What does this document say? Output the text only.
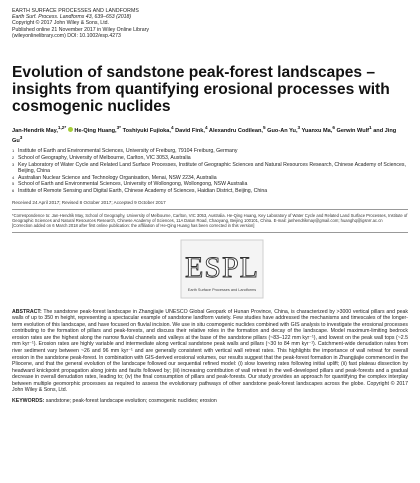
EARTH SURFACE PROCESSES AND LANDFORMS
Earth Surf. Process. Landforms 43, 639–653 (2018)
Copyright © 2017 John Wiley & Sons, Ltd.
Published online 21 November 2017 in Wiley Online Library
(wileyonlinelibrary.com) DOI: 10.1002/esp.4273
Evolution of sandstone peak-forest landscapes – insights from quantifying erosional processes with cosmogenic nuclides
Jan-Hendrik May,$^{1,2*}$  He-Qing Huang,$^{3*}$ Toshiyuki Fujioka,$^4$ David Fink,$^4$ Alexandru Codilean,$^5$ Guo-An Yu,$^3$ Yuanxu Ma,$^6$ Gerwin Wulf$^1$ and Jing Gu$^3$
1 Institute of Earth and Environmental Sciences, University of Freiburg, 79104 Freiburg, Germany
2 School of Geography, University of Melbourne, Carlton, VIC 3053, Australia
3 Key Laboratory of Water Cycle and Related Land Surface Processes, Institute of Geographic Sciences and Natural Resources Research, Chinese Academy of Sciences, Beijing, China
4 Australian Nuclear Science and Technology Organisation, Menai, NSW 2234, Australia
5 School of Earth and Environmental Sciences, University of Wollongong, Wollongong, NSW Australia
6 Institute of Remote Sensing and Digital Earth, Chinese Academy of Sciences, Haidian District, Beijing, China
Received 24 April 2017; Revised 8 October 2017; Accepted 9 October 2017
*Correspondence to: Jan-Hendrik May, School of Geography, University of Melbourne, Carlton, VIC 3053, Australia. He-Qing Huang, Key Laboratory of Water Cycle and Related Land Surface Processes, Institute of Geographic Sciences and Natural Resources Research, Chinese Academy of Sciences, 11A Datun Road, Chaoyang, Beijing 100101, China. E-mail: janhendrikmay@gmail.com; huanghq@igsnrr.ac.cn
[Correction added on 6 March 2018 after first online publication: the affiliation of He-Qing Huang has been corrected in this version]
ESPL
Earth Surface Processes and Landforms
ABSTRACT: The sandstone peak-forest landscape in Zhangjiajie UNESCO Global Geopark of Hunan Province, China, is characterized by >3000 vertical pillars and peak walls of up to 350 m height, representing a spectacular example of sandstone landform variety. Few studies have addressed the mechanisms and timescales of the longer-term evolution of this landscape, and have focused on fluvial incision. We use in situ cosmogenic nuclides combined with GIS analysis to investigate the erosional processes contributing to the formation of pillars and peak-forests, and discuss their relative roles in the formation and decay of the landscape. Model maximum-limiting bedrock erosion rates are the highest along the narrow fluvial channels and valleys at the base of the sandstone pillars (~83–122 mm kyr⁻¹), and lowest on the peak wall tops (~2.5 mm kyr⁻¹). Erosion rates are highly variable and intermediate along vertical sandstone peak walls and pillars (~30 to 84 mm kyr⁻¹). Catchment-wide denudation rates from river sediment vary between ~26 and 96 mm kyr⁻¹ and are generally consistent with vertical wall retreat rates. This highlights the importance of wall retreat for overall erosion in the sandstone peak-forest. In combination with GIS-derived erosional volumes, our results suggest that the peak-forest formation in Zhangjiajie commenced in the Pliocene, and that the general evolution of the landscape followed our sequential refined model: (i) slow lowering rates following initial uplift; (ii) fast plateau dissection by headward knickpoint propagation along joints and faults followed by; (iii) increasing contribution of wall retreat in the well-developed pillars and peak-forests and a gradual decrease in overall denudation rates, leading to; (iv) the final consumption of pillars and peak-forests. Our study provides an approach for quantifying the complex interplay between multiple geomorphic processes as required to assess the evolutionary pathways of other sandstone peak-forest landscapes across the globe. Copyright © 2017 John Wiley & Sons, Ltd.
KEYWORDS: sandstone; peak-forest landscape evolution; cosmogenic nuclides; erosion
